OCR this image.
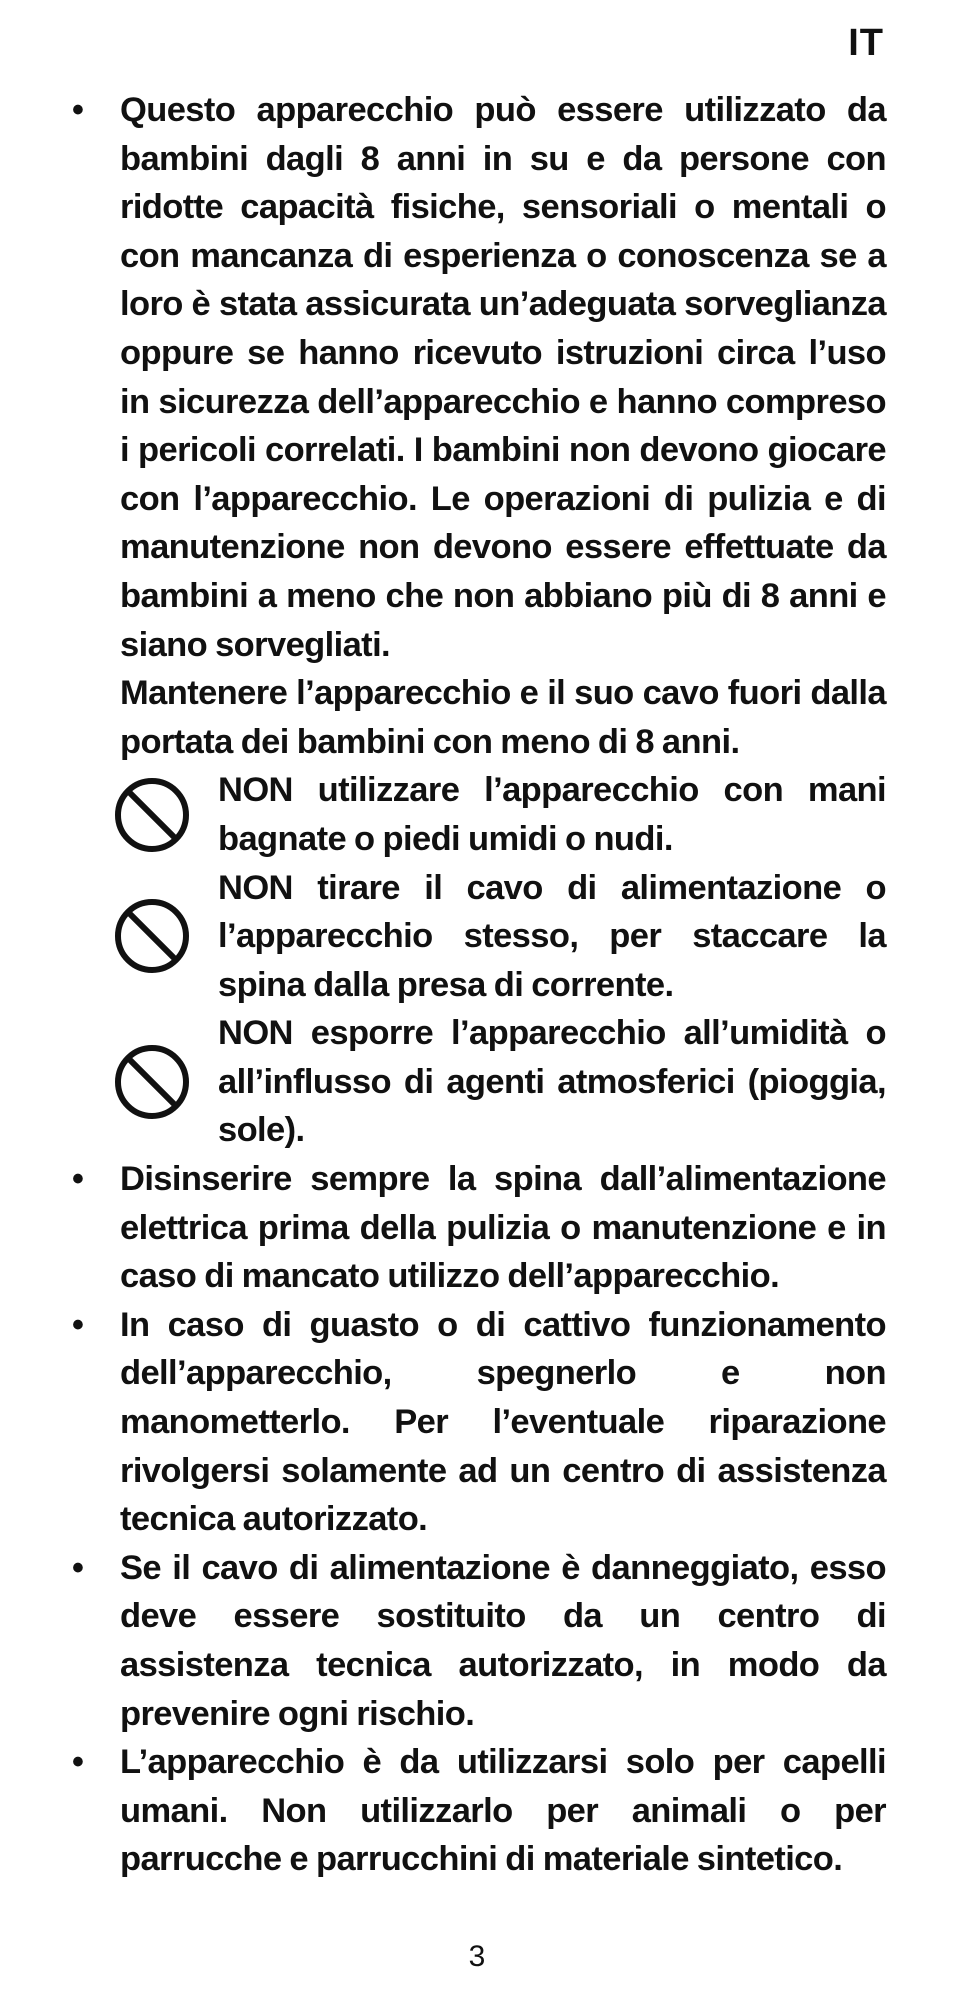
IT
• Questo apparecchio può essere utilizzato da bambini dagli 8 anni in su e da persone con ridotte capacità fisiche, sensoriali o mentali o con mancanza di esperienza o conoscenza se a loro è stata assicurata un’adeguata sorveglianza oppure se hanno ricevuto istruzioni circa l’uso in sicurezza dell’apparecchio e hanno compreso i pericoli correlati. I bambini non devono giocare con l’apparecchio. Le operazioni di pulizia e di manutenzione non devono essere effettuate da bambini a meno che non abbiano più di 8 anni e siano sorvegliati.
Mantenere l’apparecchio e il suo cavo fuori dalla portata dei bambini con meno di 8 anni.
NON utilizzare l’apparecchio con mani bagnate o piedi umidi o nudi.
NON tirare il cavo di alimentazione o l’apparecchio stesso, per staccare la spina dalla presa di corrente.
NON esporre l’apparecchio all’umidità o all’influsso di agenti atmosferici (pioggia, sole).
• Disinserire sempre la spina dall’alimentazione elettrica prima della pulizia o manutenzione e in caso di mancato utilizzo dell’apparecchio.
• In caso di guasto o di cattivo funzionamento dell’apparecchio, spegnerlo e non manometterlo. Per l’eventuale riparazione rivolgersi solamente ad un centro di assistenza tecnica autorizzato.
• Se il cavo di alimentazione è danneggiato, esso deve essere sostituito da un centro di assistenza tecnica autorizzato, in modo da prevenire ogni rischio.
• L’apparecchio è da utilizzarsi solo per capelli umani. Non utilizzarlo per animali o per parrucche e parrucchini di materiale sintetico.
3
